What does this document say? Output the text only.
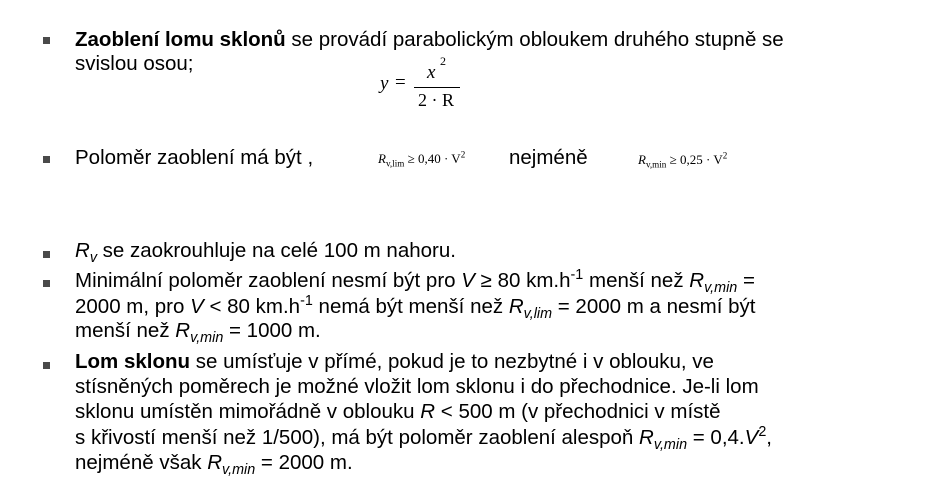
Zaoblení lomu sklonů se provádí parabolickým obloukem druhého stupně se
svislou osou;
y = x
2
2 · R
Poloměr zaoblení má být ,	$R_{v,lim} \ge 0,40 \cdot V^2$ nejméně	$R_{v,min} \ge 0,25 \cdot V^2$
$R_v$ se zaokrouhluje na celé 100 m nahoru.
Minimální poloměr zaoblení nesmí být pro V ≥ 80 $km.h^{-1}$ menší než $R_{v,min}$ =
2000 m, pro V < 80 $km.h^{-1}$ nemá být menší než $R_{v,lim} = 2000$ m a nesmí být
menší než $R_{v,min} = 1000$ m.
Lom sklonu se umísťuje v přímé, pokud je to nezbytné i v oblouku, ve
stísněných poměrech je možné vložit lom sklonu i do přechodnice. Je-li lom
sklonu umístěn mimořádně v oblouku R < 500 m (v přechodnici v místě
s křivostí menší než 1/500), má být poloměr zaoblení alespoň $R_{v,min} = 0,4.V^2$,
nejméně však $R_{v,min} = 2000$ m.
